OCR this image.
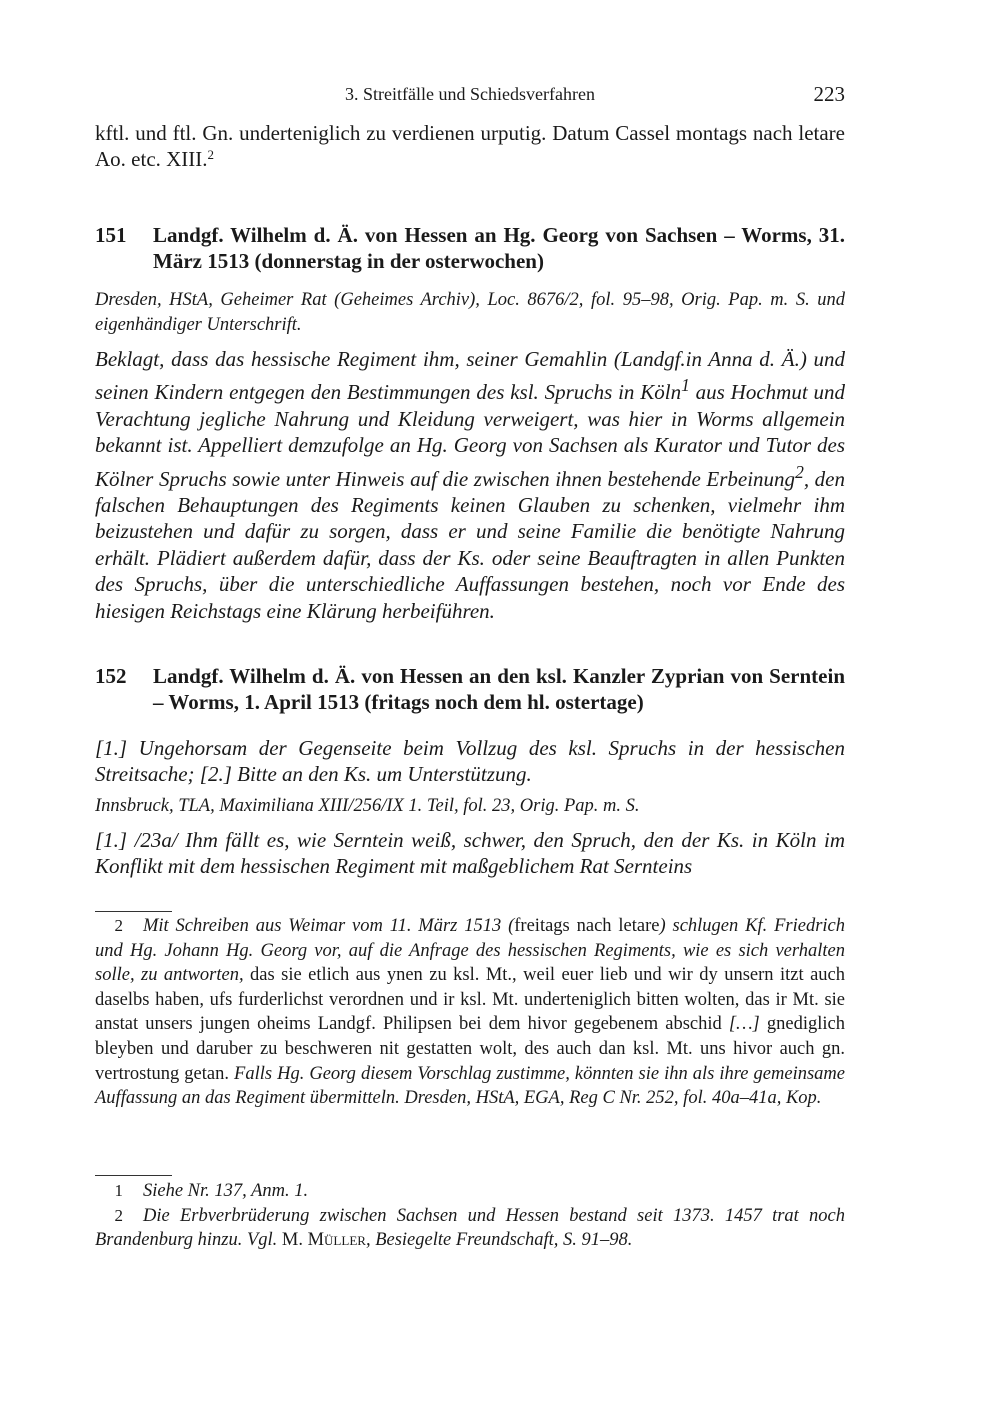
3. Streitfälle und Schiedsverfahren	223

kftl. und ftl. Gn. underteniglich zu verdienen urputig. Datum Cassel montags nach letare Ao. etc. XIII.$^2$

151	Landgf. Wilhelm d. Ä. von Hessen an Hg. Georg von Sachsen – Worms, 31. März 1513 (donnerstag in der osterwochen)

Dresden, HStA, Geheimer Rat (Geheimes Archiv), Loc. 8676/2, fol. 95–98, Orig. Pap. m. S. und eigenhändiger Unterschrift.

Beklagt, dass das hessische Regiment ihm, seiner Gemahlin (Landgf.in Anna d. Ä.) und seinen Kindern entgegen den Bestimmungen des ksl. Spruchs in Köln$^1$ aus Hochmut und Verachtung jegliche Nahrung und Kleidung verweigert, was hier in Worms allgemein bekannt ist. Appelliert demzufolge an Hg. Georg von Sachsen als Kurator und Tutor des Kölner Spruchs sowie unter Hinweis auf die zwischen ihnen bestehende Erbeinung$^2$, den falschen Behauptungen des Regiments keinen Glauben zu schenken, vielmehr ihm beizustehen und dafür zu sorgen, dass er und seine Familie die benötigte Nahrung erhält. Plädiert außerdem dafür, dass der Ks. oder seine Beauftragten in allen Punkten des Spruchs, über die unterschiedliche Auffassungen bestehen, noch vor Ende des hiesigen Reichstags eine Klärung herbeiführen.

152	Landgf. Wilhelm d. Ä. von Hessen an den ksl. Kanzler Zyprian von Serntein – Worms, 1. April 1513 (fritags noch dem hl. ostertage)

[1.] Ungehorsam der Gegenseite beim Vollzug des ksl. Spruchs in der hessischen Streitsache; [2.] Bitte an den Ks. um Unterstützung.

Innsbruck, TLA, Maximiliana XIII/256/IX 1. Teil, fol. 23, Orig. Pap. m. S.

[1.] /23a/ Ihm fällt es, wie Serntein weiß, schwer, den Spruch, den der Ks. in Köln im Konflikt mit dem hessischen Regiment mit maßgeblichem Rat Sernteins

2 Mit Schreiben aus Weimar vom 11. März 1513 (freitags nach letare) schlugen Kf. Friedrich und Hg. Johann Hg. Georg vor, auf die Anfrage des hessischen Regiments, wie es sich verhalten solle, zu antworten, das sie etlich aus ynen zu ksl. Mt., weil euer lieb und wir dy unsern itzt auch daselbs haben, ufs furderlichst verordnen und ir ksl. Mt. underteniglich bitten wolten, das ir Mt. sie anstat unsers jungen oheims Landgf. Philipsen bei dem hivor gegebenem abschid […] gnediglich bleyben und daruber zu beschweren nit gestatten wolt, des auch dan ksl. Mt. uns hivor auch gn. vertrostung getan. Falls Hg. Georg diesem Vorschlag zustimme, könnten sie ihn als ihre gemeinsame Auffassung an das Regiment übermitteln. Dresden, HStA, EGA, Reg C Nr. 252, fol. 40a–41a, Kop.

1 Siehe Nr. 137, Anm. 1.

2 Die Erbverbrüderung zwischen Sachsen und Hessen bestand seit 1373. 1457 trat noch Brandenburg hinzu. Vgl. M. Müller, Besiegelte Freundschaft, S. 91–98.
